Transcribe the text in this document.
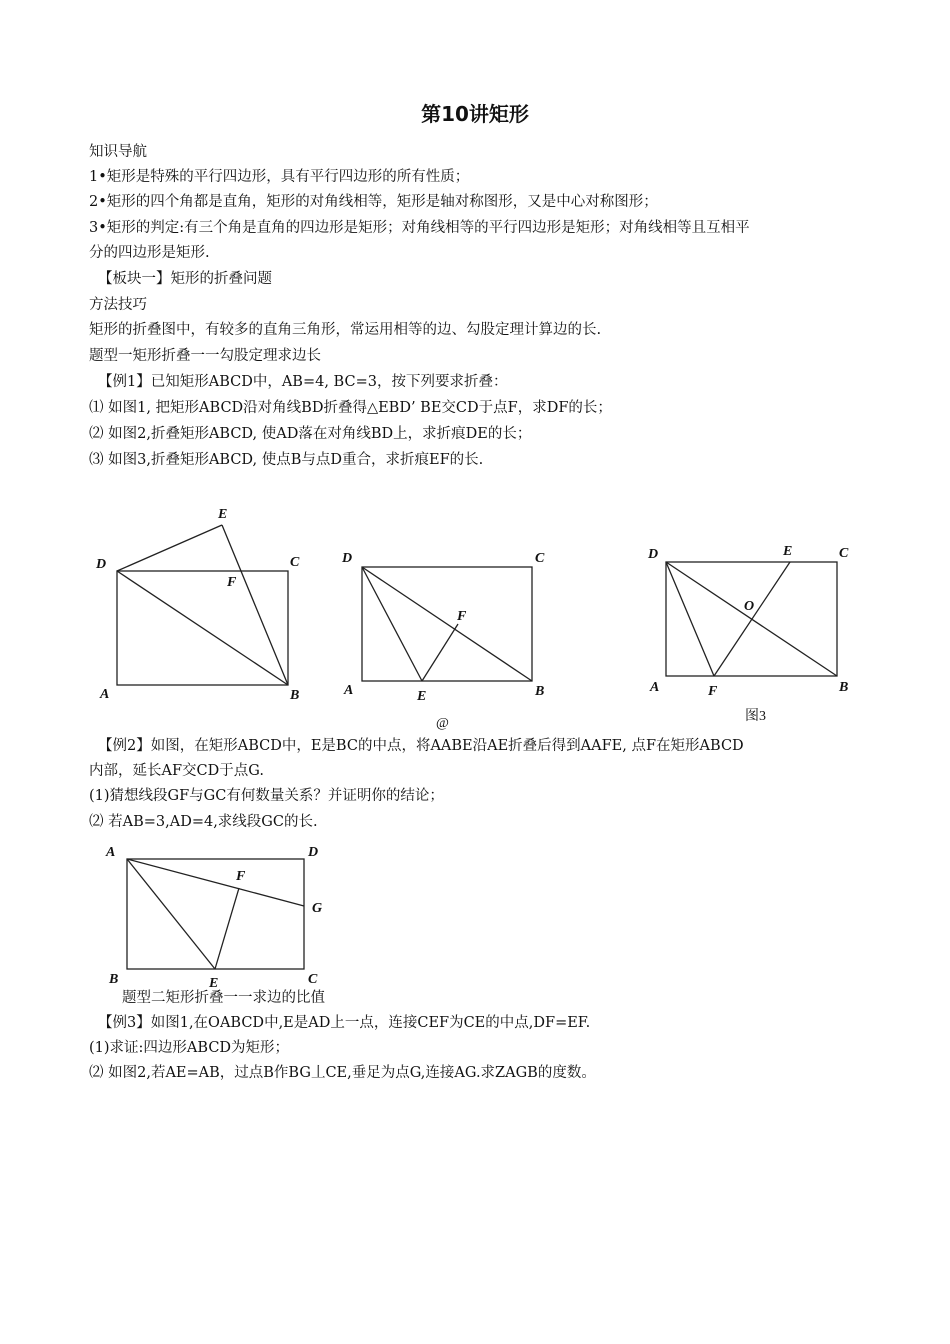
第10讲矩形
知识导航
1•矩形是特殊的平行四边形，具有平行四边形的所有性质；
2•矩形的四个角都是直角，矩形的对角线相等，矩形是轴对称图形，又是中心对称图形；
3•矩形的判定:有三个角是直角的四边形是矩形；对角线相等的平行四边形是矩形；对角线相等且互相平
分的四边形是矩形.
【板块一】矩形的折叠问题
方法技巧
矩形的折叠图中，有较多的直角三角形，常运用相等的边、勾股定理计算边的长.
题型一矩形折叠一一勾股定理求边长
【例1】已知矩形ABCD中，AB=4, BC=3，按下列要求折叠：
⑴ 如图1, 把矩形ABCD沿对角线BD折叠得△EBD’ BE交CD于点F，求DF的长；
⑵ 如图2,折叠矩形ABCD, 使AD落在对角线BD上，求折痕DE的长；
⑶ 如图3,折叠矩形ABCD, 使点B与点D重合，求折痕EF的长.
E
D	C
F
A	B
D	C
F
A	E	B
@
D	E	C
O
A	F	B
图3
【例2】如图，在矩形ABCD中，E是BC的中点，将AABE沿AE折叠后得到AAFE, 点F在矩形ABCD
内部，延长AF交CD于点G.
(1)猜想线段GF与GC有何数量关系？并证明你的结论；
⑵ 若AB=3,AD=4,求线段GC的长.
A	D
F
G
B	E	C
题型二矩形折叠一一求边的比值
【例3】如图1,在OABCD中,E是AD上一点，连接CEF为CE的中点,DF=EF.
(1)求证:四边形ABCD为矩形；
⑵ 如图2,若AE=AB，过点B作BG丄CE,垂足为点G,连接AG.求ZAGB的度数。
